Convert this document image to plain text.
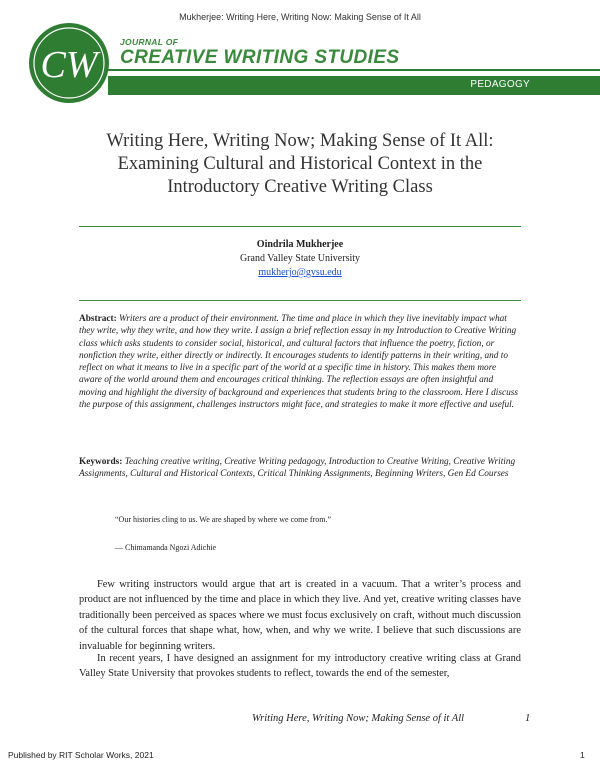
Mukherjee: Writing Here, Writing Now: Making Sense of It All
CW
JOURNAL OF
CREATIVE WRITING STUDIES
PEDAGOGY
Writing Here, Writing Now; Making Sense of It All: Examining Cultural and Historical Context in the Introductory Creative Writing Class
Oindrila Mukherjee
Grand Valley State University
mukherjo@gvsu.edu
Abstract: Writers are a product of their environment. The time and place in which they live inevitably impact what they write, why they write, and how they write. I assign a brief reflection essay in my Introduction to Creative Writing class which asks students to consider social, historical, and cultural factors that influence the poetry, fiction, or nonfiction they write, either directly or indirectly. It encourages students to identify patterns in their writing, and to reflect on what it means to live in a specific part of the world at a specific time in history. This makes them more aware of the world around them and encourages critical thinking. The reflection essays are often insightful and moving and highlight the diversity of background and experiences that students bring to the classroom. Here I discuss the purpose of this assignment, challenges instructors might face, and strategies to make it more effective and useful.
Keywords: Teaching creative writing, Creative Writing pedagogy, Introduction to Creative Writing, Creative Writing Assignments, Cultural and Historical Contexts, Critical Thinking Assignments, Beginning Writers, Gen Ed Courses
“Our histories cling to us. We are shaped by where we come from.”
— Chimamanda Ngozi Adichie
Few writing instructors would argue that art is created in a vacuum. That a writer’s process and product are not influenced by the time and place in which they live. And yet, creative writing classes have traditionally been perceived as spaces where we must focus exclusively on craft, without much discussion of the cultural forces that shape what, how, when, and why we write. I believe that such discussions are invaluable for beginning writers.
In recent years, I have designed an assignment for my introductory creative writing class at Grand Valley State University that provokes students to reflect, towards the end of the semester,
Writing Here, Writing Now; Making Sense of it All	1
Published by RIT Scholar Works, 2021	1
